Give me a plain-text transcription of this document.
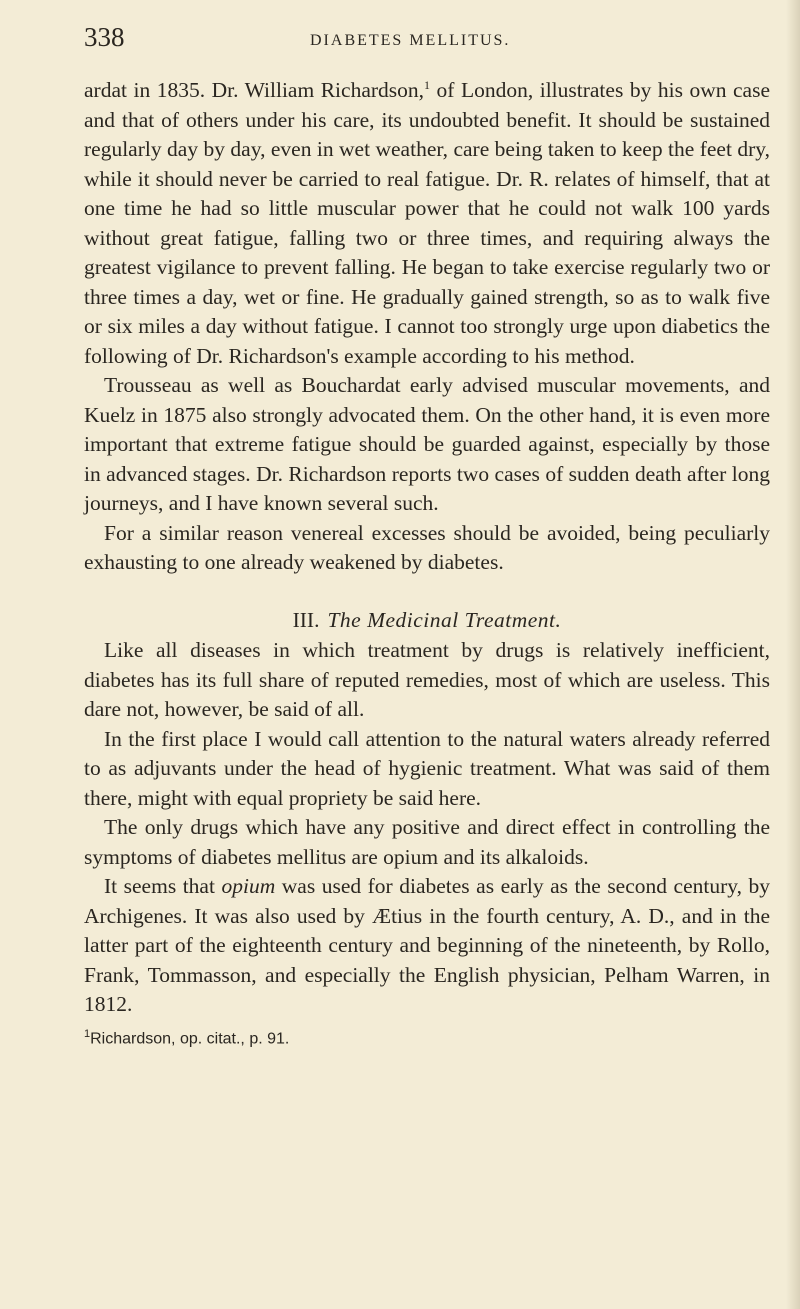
338	DIABETES MELLITUS.

ardat in 1835. Dr. William Richardson,$^1$ of London, illustrates by his own case and that of others under his care, its undoubted benefit. It should be sustained regularly day by day, even in wet weather, care being taken to keep the feet dry, while it should never be carried to real fatigue. Dr. R. relates of himself, that at one time he had so little muscular power that he could not walk 100 yards without great fatigue, falling two or three times, and requiring always the greatest vigilance to prevent falling. He began to take exercise regularly two or three times a day, wet or fine. He gradually gained strength, so as to walk five or six miles a day without fatigue. I cannot too strongly urge upon diabetics the following of Dr. Richardson's example according to his method.

Trousseau as well as Bouchardat early advised muscular movements, and Kuelz in 1875 also strongly advocated them. On the other hand, it is even more important that extreme fatigue should be guarded against, especially by those in advanced stages. Dr. Richardson reports two cases of sudden death after long journeys, and I have known several such.

For a similar reason venereal excesses should be avoided, being peculiarly exhausting to one already weakened by diabetes.

III. The Medicinal Treatment.

Like all diseases in which treatment by drugs is relatively inefficient, diabetes has its full share of reputed remedies, most of which are useless. This dare not, however, be said of all.

In the first place I would call attention to the natural waters already referred to as adjuvants under the head of hygienic treatment. What was said of them there, might with equal propriety be said here.

The only drugs which have any positive and direct effect in controlling the symptoms of diabetes mellitus are opium and its alkaloids.

It seems that opium was used for diabetes as early as the second century, by Archigenes. It was also used by Ætius in the fourth century, A. D., and in the latter part of the eighteenth century and beginning of the nineteenth, by Rollo, Frank, Tommasson, and especially the English physician, Pelham Warren, in 1812.

$^1$Richardson, op. citat., p. 91.
